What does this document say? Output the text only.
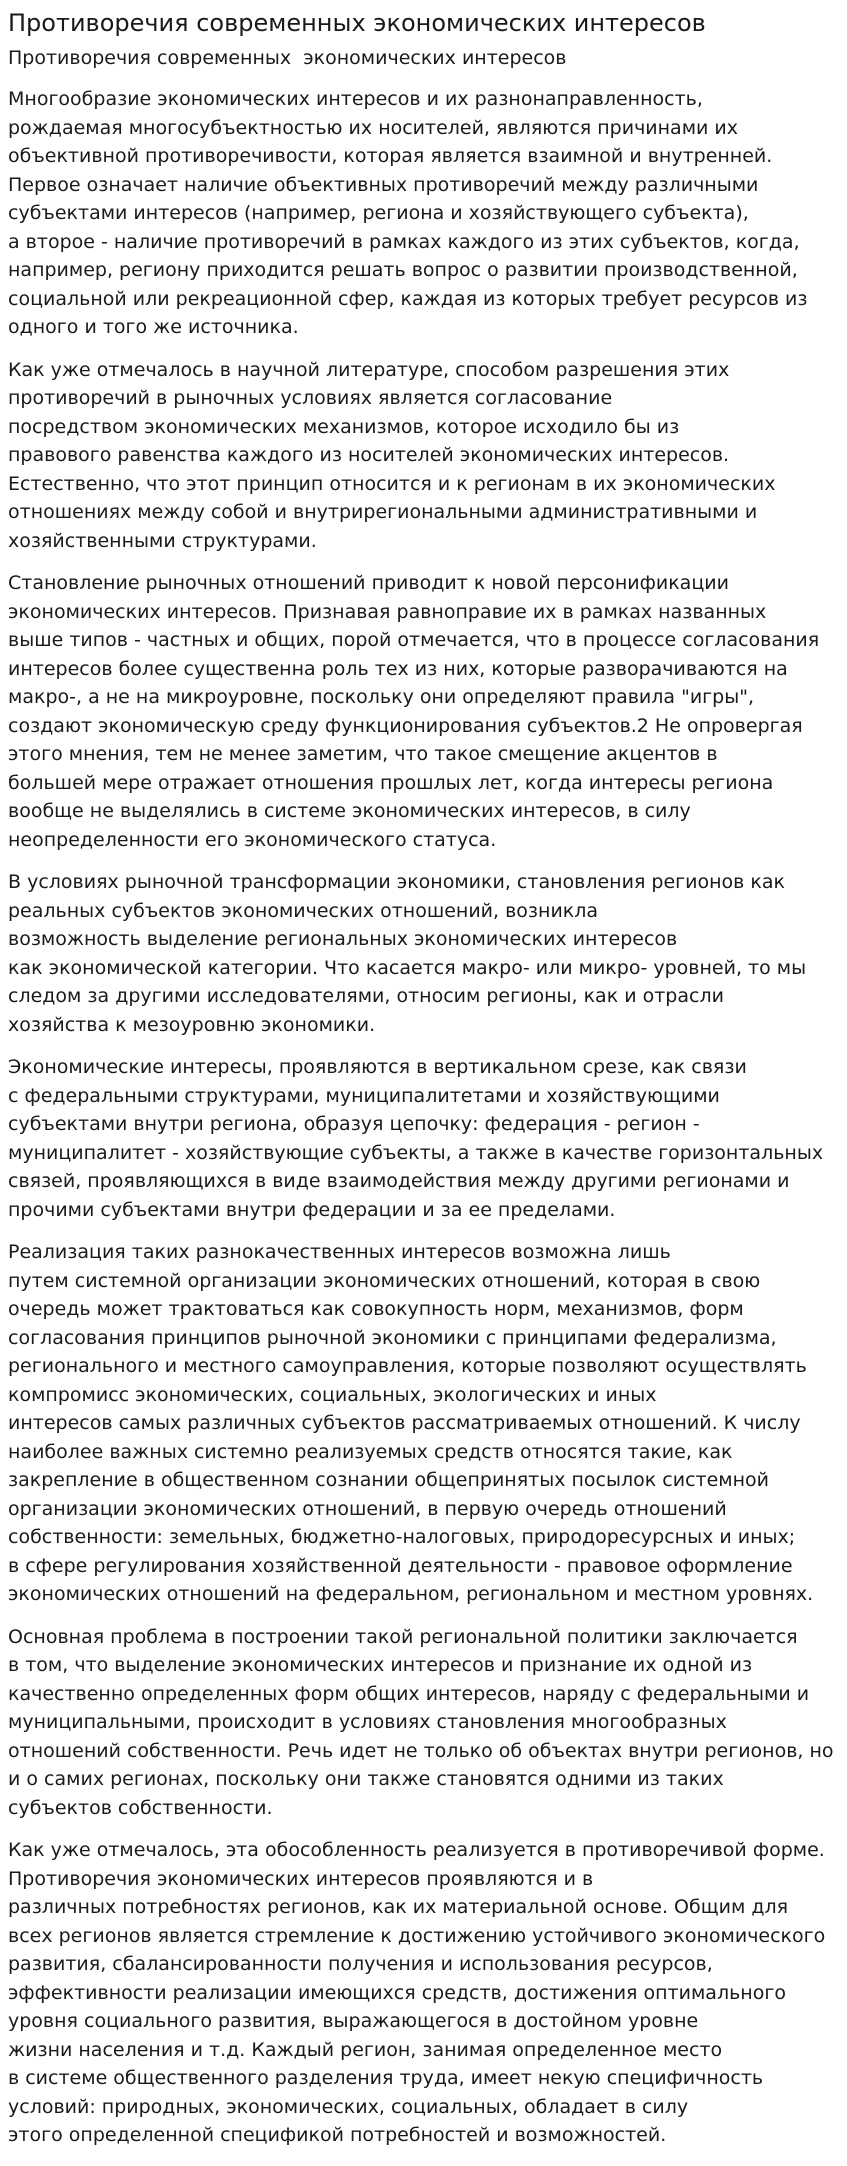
Противоречия современных экономических интересов
Противоречия современных  экономических интересов

Многообразие экономических интересов и их разнонаправленность,
рождаемая многосубъектностью их носителей, являются причинами их
объективной противоречивости, которая является взаимной и внутренней.
Первое означает наличие объективных противоречий между различными
субъектами интересов (например, региона и хозяйствующего субъекта),
а второе - наличие противоречий в рамках каждого из этих субъектов, когда,
например, региону приходится решать вопрос о развитии производственной,
социальной или рекреационной сфер, каждая из которых требует ресурсов из
одного и того же источника.

Как уже отмечалось в научной литературе, способом разрешения этих
противоречий в рыночных условиях является согласование
посредством экономических механизмов, которое исходило бы из
правового равенства каждого из носителей экономических интересов.
Естественно, что этот принцип относится и к регионам в их экономических
отношениях между собой и внутрирегиональными административными и
хозяйственными структурами.

Становление рыночных отношений приводит к новой персонификации
экономических интересов. Признавая равноправие их в рамках названных
выше типов - частных и общих, порой отмечается, что в процессе согласования
интересов более существенна роль тех из них, которые разворачиваются на
макро-, а не на микроуровне, поскольку они определяют правила "игры",
создают экономическую среду функционирования субъектов.2 Не опровергая
этого мнения, тем не менее заметим, что такое смещение акцентов в
большей мере отражает отношения прошлых лет, когда интересы региона
вообще не выделялись в системе экономических интересов, в силу
неопределенности его экономического статуса.

В условиях рыночной трансформации экономики, становления регионов как
реальных субъектов экономических отношений, возникла
возможность выделение региональных экономических интересов
как экономической категории. Что касается макро- или микро- уровней, то мы
следом за другими исследователями, относим регионы, как и отрасли
хозяйства к мезоуровню экономики.

Экономические интересы, проявляются в вертикальном срезе, как связи
с федеральными структурами, муниципалитетами и хозяйствующими
субъектами внутри региона, образуя цепочку: федерация - регион -
муниципалитет - хозяйствующие субъекты, а также в качестве горизонтальных
связей, проявляющихся в виде взаимодействия между другими регионами и
прочими субъектами внутри федерации и за ее пределами.

Реализация таких разнокачественных интересов возможна лишь
путем системной организации экономических отношений, которая в свою
очередь может трактоваться как совокупность норм, механизмов, форм
согласования принципов рыночной экономики с принципами федерализма,
регионального и местного самоуправления, которые позволяют осуществлять
компромисс экономических, социальных, экологических и иных
интересов самых различных субъектов рассматриваемых отношений. К числу
наиболее важных системно реализуемых средств относятся такие, как
закрепление в общественном сознании общепринятых посылок системной
организации экономических отношений, в первую очередь отношений
собственности: земельных, бюджетно-налоговых, природоресурсных и иных;
в сфере регулирования хозяйственной деятельности - правовое оформление
экономических отношений на федеральном, региональном и местном уровнях.

Основная проблема в построении такой региональной политики заключается
в том, что выделение экономических интересов и признание их одной из
качественно определенных форм общих интересов, наряду с федеральными и
муниципальными, происходит в условиях становления многообразных
отношений собственности. Речь идет не только об объектах внутри регионов, но
и о самих регионах, поскольку они также становятся одними из таких
субъектов собственности.

Как уже отмечалось, эта обособленность реализуется в противоречивой форме.
Противоречия экономических интересов проявляются и в
различных потребностях регионов, как их материальной основе. Общим для
всех регионов является стремление к достижению устойчивого экономического
развития, сбалансированности получения и использования ресурсов,
эффективности реализации имеющихся средств, достижения оптимального
уровня социального развития, выражающегося в достойном уровне
жизни населения и т.д. Каждый регион, занимая определенное место
в системе общественного разделения труда, имеет некую специфичность
условий: природных, экономических, социальных, обладает в силу
этого определенной спецификой потребностей и возможностей.
